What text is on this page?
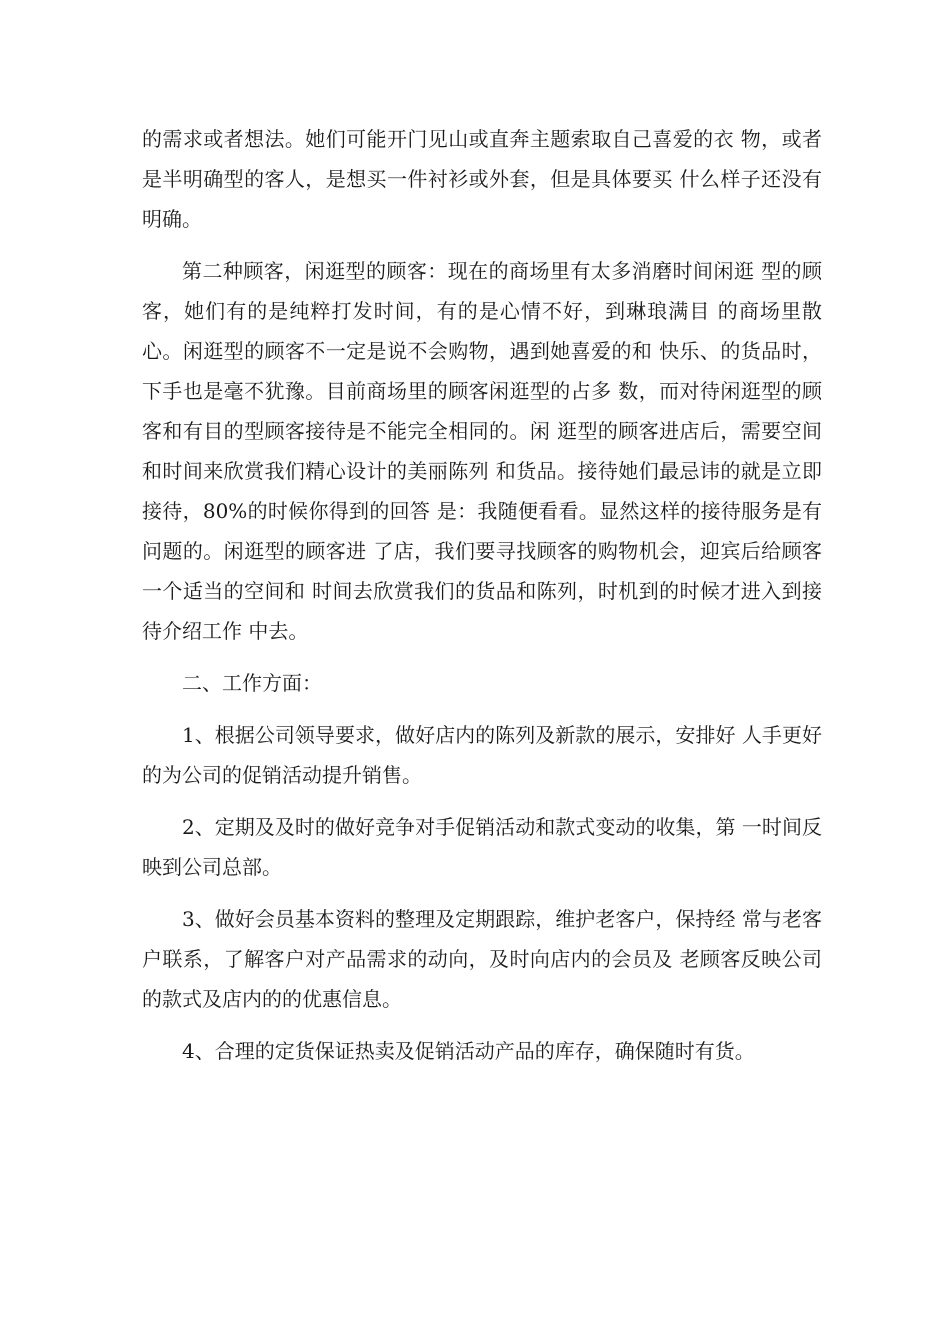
的需求或者想法。她们可能开门见山或直奔主题索取自己喜爱的衣 物，或者是半明确型的客人，是想买一件衬衫或外套，但是具体要买 什么样子还没有明确。

第二种顾客，闲逛型的顾客：现在的商场里有太多消磨时间闲逛 型的顾客，她们有的是纯粹打发时间，有的是心情不好，到琳琅满目 的商场里散心。闲逛型的顾客不一定是说不会购物，遇到她喜爱的和 快乐、的货品时，下手也是毫不犹豫。目前商场里的顾客闲逛型的占多 数，而对待闲逛型的顾客和有目的型顾客接待是不能完全相同的。闲 逛型的顾客进店后，需要空间和时间来欣赏我们精心设计的美丽陈列 和货品。接待她们最忌讳的就是立即接待，80%的时候你得到的回答 是：我随便看看。显然这样的接待服务是有问题的。闲逛型的顾客进 了店，我们要寻找顾客的购物机会，迎宾后给顾客一个适当的空间和 时间去欣赏我们的货品和陈列，时机到的时候才进入到接待介绍工作 中去。

二、工作方面：

1、根据公司领导要求，做好店内的陈列及新款的展示，安排好 人手更好的为公司的促销活动提升销售。

2、定期及及时的做好竞争对手促销活动和款式变动的收集，第 一时间反映到公司总部。

3、做好会员基本资料的整理及定期跟踪，维护老客户，保持经 常与老客户联系，了解客户对产品需求的动向，及时向店内的会员及 老顾客反映公司的款式及店内的的优惠信息。

4、合理的定货保证热卖及促销活动产品的库存，确保随时有货。
